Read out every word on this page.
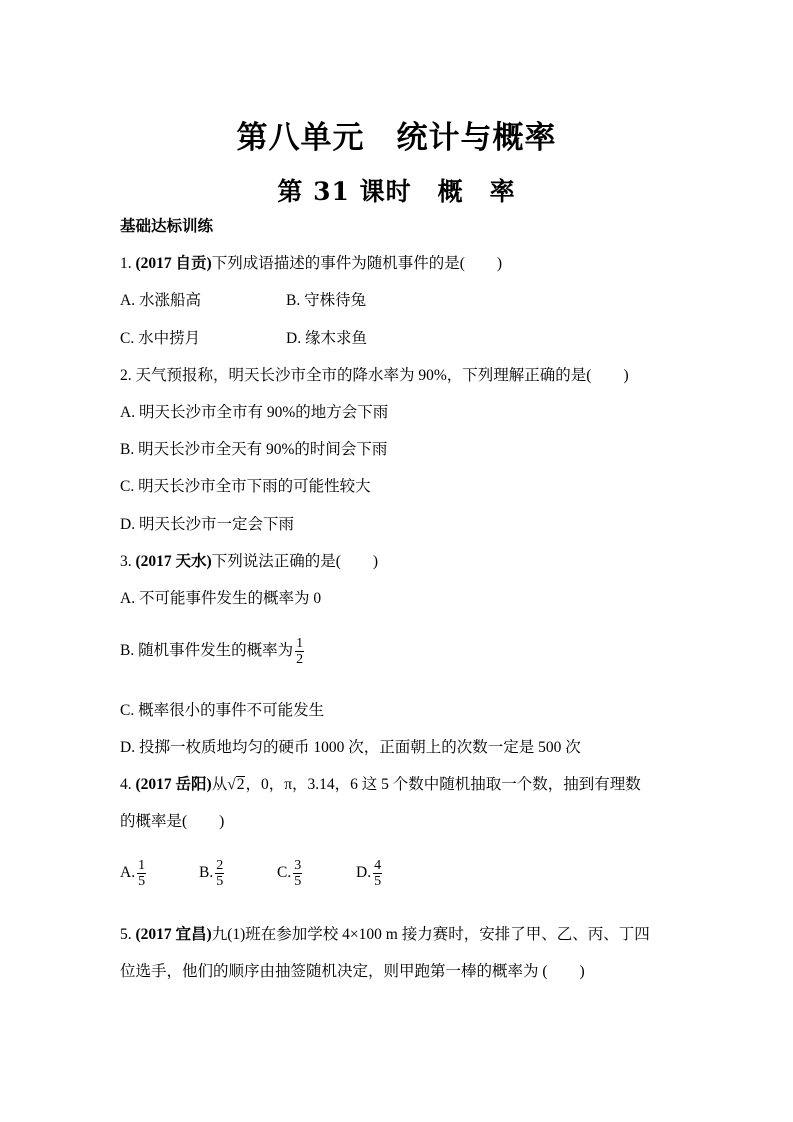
第八单元　统计与概率
第 31 课时　概　率
基础达标训练
1. (2017 自贡)下列成语描述的事件为随机事件的是( )
A. 水涨船高	B. 守株待兔
C. 水中捞月	D. 缘木求鱼
2. 天气预报称，明天长沙市全市的降水率为 90%，下列理解正确的是( )
A. 明天长沙市全市有 90%的地方会下雨
B. 明天长沙市全天有 90%的时间会下雨
C. 明天长沙市全市下雨的可能性较大
D. 明天长沙市一定会下雨
3. (2017 天水)下列说法正确的是( )
A. 不可能事件发生的概率为 0
B. 随机事件发生的概率为 $\frac{1}{2}$
C. 概率很小的事件不可能发生
D. 投掷一枚质地均匀的硬币 1000 次，正面朝上的次数一定是 500 次
4. (2017 岳阳)从√2，0，π，3.14，6 这 5 个数中随机抽取一个数，抽到有理数
的概率是( )
A. $\frac{1}{5}$	B. $\frac{2}{5}$	C. $\frac{3}{5}$	D. $\frac{4}{5}$
5. (2017 宜昌)九(1)班在参加学校 4×100 m 接力赛时，安排了甲、乙、丙、丁四
位选手，他们的顺序由抽签随机决定，则甲跑第一棒的概率为 ( )
